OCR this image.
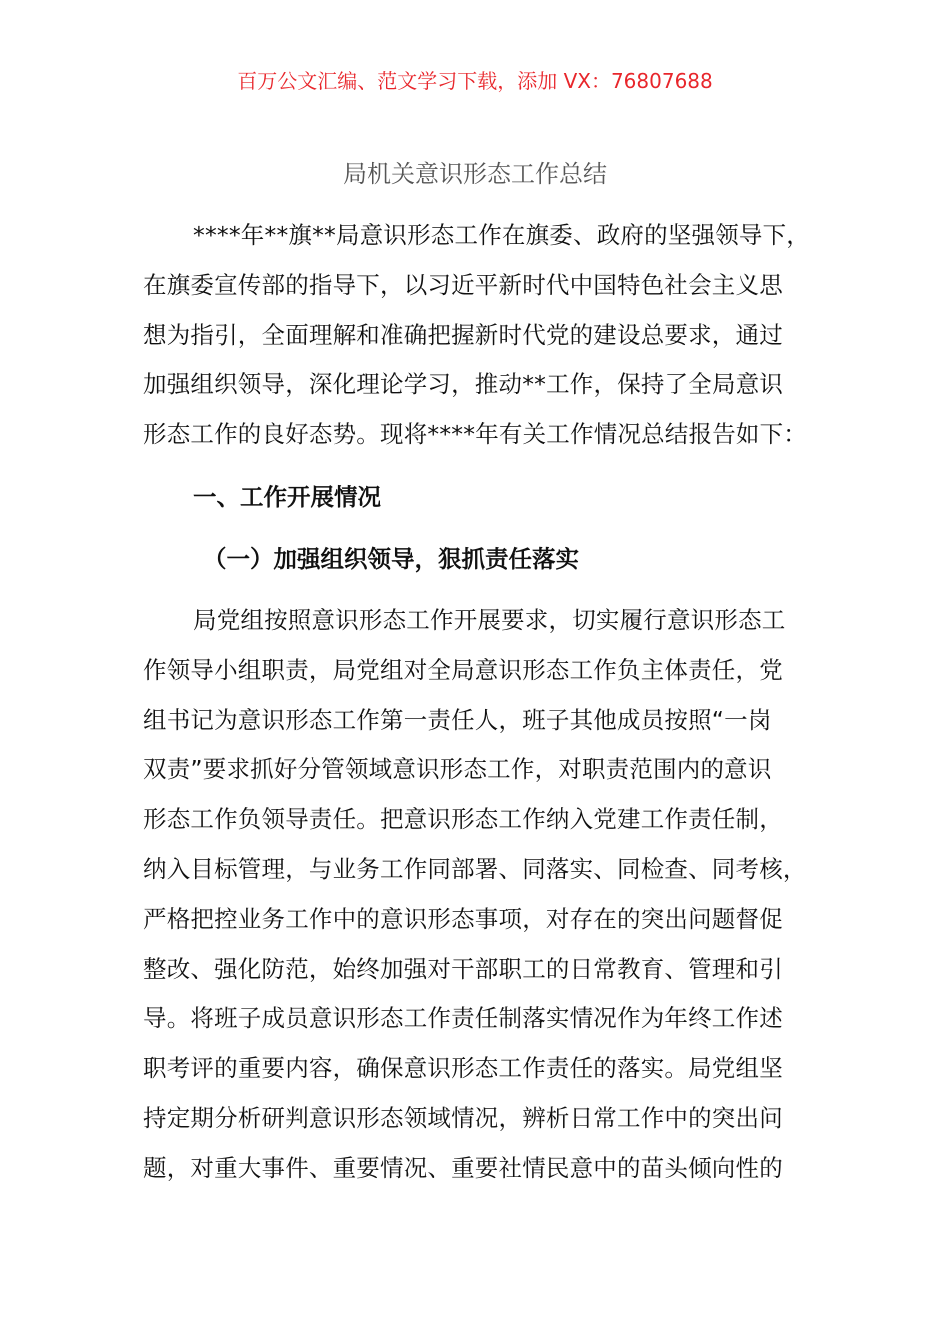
百万公文汇编、范文学习下载，添加 VX：76807688
局机关意识形态工作总结
****年**旗**局意识形态工作在旗委、政府的坚强领导下，
在旗委宣传部的指导下，以习近平新时代中国特色社会主义思
想为指引，全面理解和准确把握新时代党的建设总要求，通过
加强组织领导，深化理论学习，推动**工作，保持了全局意识
形态工作的良好态势。现将****年有关工作情况总结报告如下：
一、工作开展情况
（一）加强组织领导，狠抓责任落实
局党组按照意识形态工作开展要求，切实履行意识形态工
作领导小组职责，局党组对全局意识形态工作负主体责任，党
组书记为意识形态工作第一责任人，班子其他成员按照“一岗
双责”要求抓好分管领域意识形态工作，对职责范围内的意识
形态工作负领导责任。把意识形态工作纳入党建工作责任制，
纳入目标管理，与业务工作同部署、同落实、同检查、同考核，
严格把控业务工作中的意识形态事项，对存在的突出问题督促
整改、强化防范，始终加强对干部职工的日常教育、管理和引
导。将班子成员意识形态工作责任制落实情况作为年终工作述
职考评的重要内容，确保意识形态工作责任的落实。局党组坚
持定期分析研判意识形态领域情况，辨析日常工作中的突出问
题，对重大事件、重要情况、重要社情民意中的苗头倾向性的
